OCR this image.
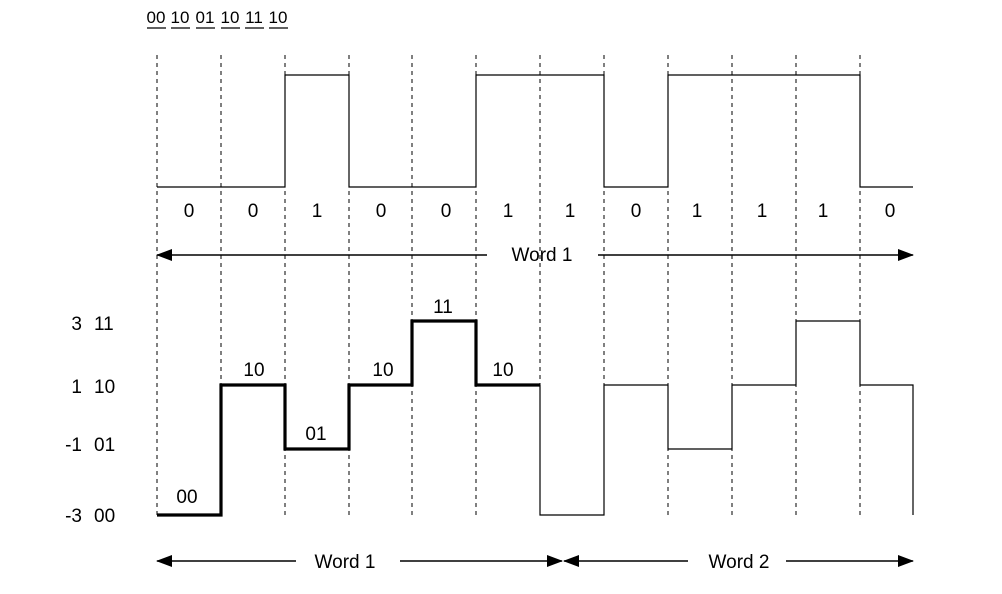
00 10 01 10 11 10
0	0	1	0	0	1	1	0	1	1	1	0
Word 1
3 11
1 10
-1 01
-3 00
00
10
01
10
11
10
Word 1	Word 2
